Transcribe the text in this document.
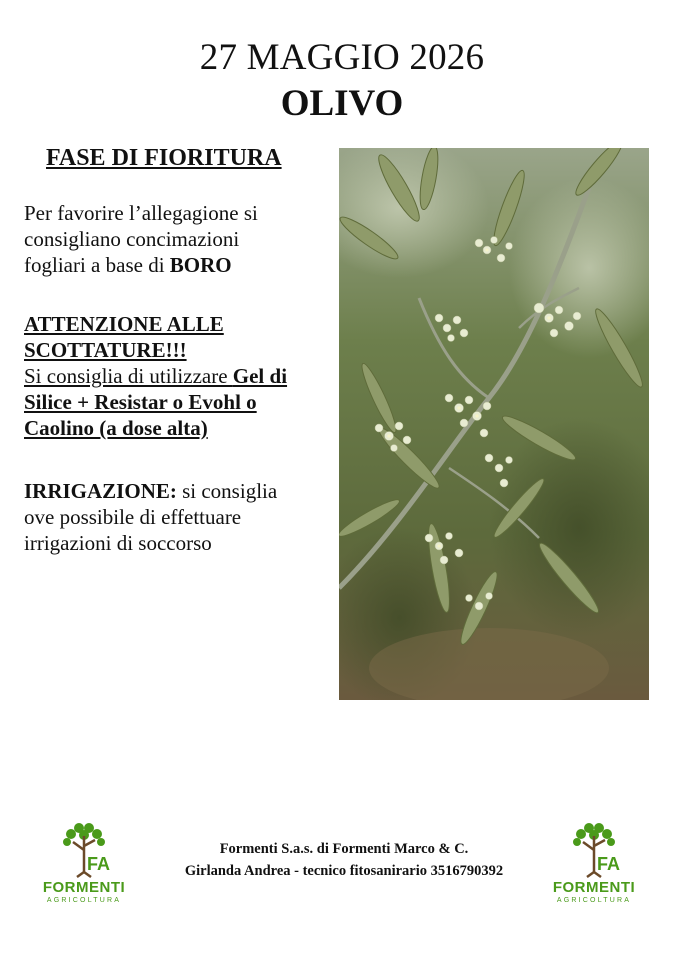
27 MAGGIO 2026
OLIVO
FASE DI FIORITURA
Per favorire l’allegagione si
consigliano concimazioni
fogliari a base di BORO
ATTENZIONE ALLE
SCOTTATURE!!!
Si consiglia di utilizzare Gel di
Silice + Resistar o Evohl o
Caolino (a dose alta)
IRRIGAZIONE: si consiglia
ove possibile di effettuare
irrigazioni di soccorso
Formenti S.a.s. di Formenti Marco & C.
Girlanda Andrea - tecnico fitosanirario 3516790392
FA
FORMENTI
AGRICOLTURA
FA
FORMENTI
AGRICOLTURA
